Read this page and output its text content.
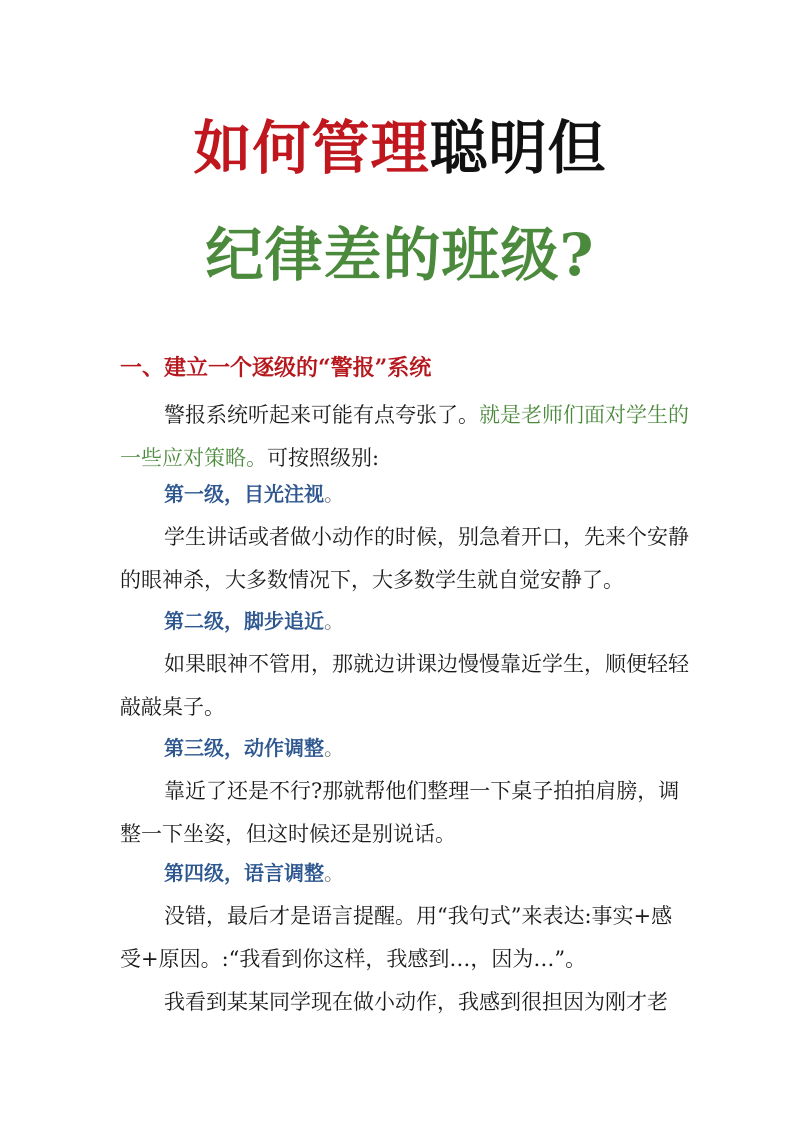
如何管理聪明但
纪律差的班级?
一、建立一个逐级的“警报”系统

警报系统听起来可能有点夸张了。就是老师们面对学生的一些应对策略。可按照级别:

第一级，目光注视。

学生讲话或者做小动作的时候，别急着开口，先来个安静的眼神杀，大多数情况下，大多数学生就自觉安静了。

第二级，脚步追近。

如果眼神不管用，那就边讲课边慢慢靠近学生，顺便轻轻敲敲桌子。

第三级，动作调整。

靠近了还是不行?那就帮他们整理一下桌子拍拍肩膀，调整一下坐姿，但这时候还是别说话。

第四级，语言调整。

没错，最后才是语言提醒。用“我句式”来表达:事实+感受+原因。:“我看到你这样，我感到…，因为…”。

我看到某某同学现在做小动作，我感到很担因为刚才老
